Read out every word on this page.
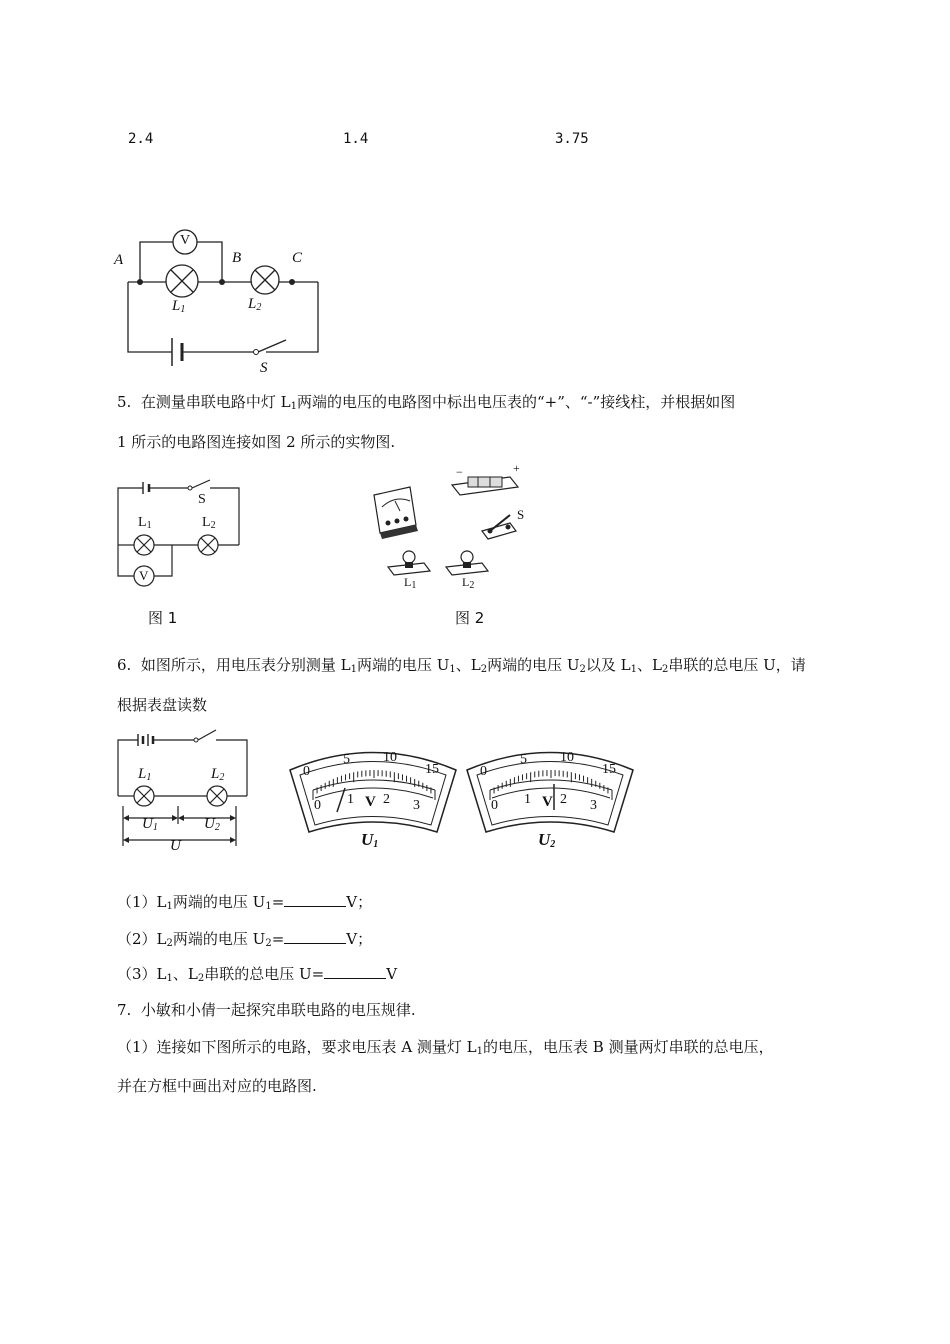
2.4	1.4	3.75
A	B	C
V
$L_1$	$L_2$
S
5. 在测量串联电路中灯 $L_1$两端的电压的电路图中标出电压表的“+”、“-”接线柱，并根据如图
1 所示的电路图连接如图 2 所示的实物图.
S
$L_1$	$L_2$
V
图 1
−	+
S
$L_1$	$L_2$
图 2
6. 如图所示，用电压表分别测量 $L_1$两端的电压 $U_1$、$L_2$两端的电压 $U_2$以及 $L_1$、$L_2$串联的总电压 U，请
根据表盘读数
$L_1$	$L_2$
$U_1$	$U_2$
U
0
5 10
15
0 1 2 3
V
$U_1$
0
5 10
15
0 1 2 3
V
$U_2$
$(1)L_1$两端的电压 $U_1=$	V；
$(2)L_2$两端的电压 $U_2=$	V；
$(3)L_1$、$L_2$串联的总电压 U=	V
7. 小敏和小倩一起探究串联电路的电压规律.
（1）连接如下图所示的电路，要求电压表 A 测量灯 $L_1$的电压，电压表 B 测量两灯串联的总电压，
并在方框中画出对应的电路图.
